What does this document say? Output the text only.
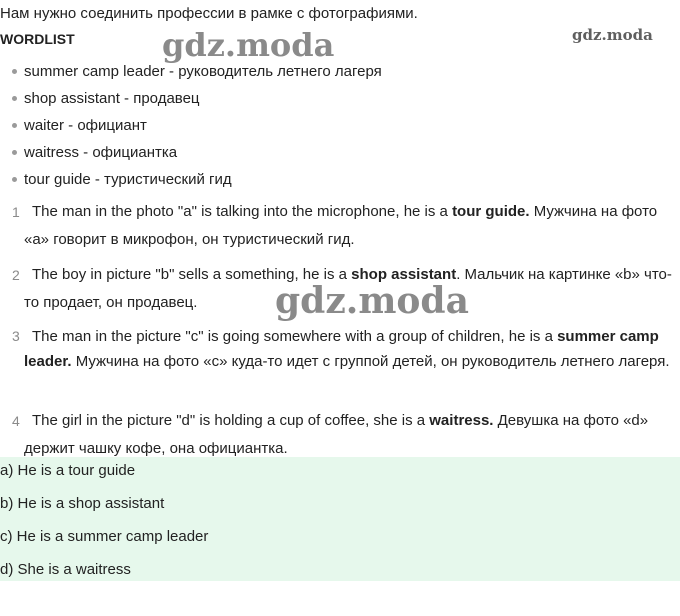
Нам нужно соединить профессии в рамке с фотографиями.
WORDLIST	gdz.moda	gdz.moda
summer camp leader - руководитель летнего лагеря
shop assistant - продавец
waiter - официант
waitress - официантка
tour guide - туристический гид
1 The man in the photo "a" is talking into the microphone, he is a tour guide. Мужчина на фото «а» говорит в микрофон, он туристический гид.
2 The boy in picture "b" sells a something, he is a shop assistant. Мальчик на картинке «b» что-то продает, он продавец.	gdz.moda
3 The man in the picture "c" is going somewhere with a group of children, he is a summer camp leader. Мужчина на фото «с» куда-то идет с группой детей, он руководитель летнего лагеря.
4 The girl in the picture "d" is holding a cup of coffee, she is a waitress. Девушка на фото «d» держит чашку кофе, она официантка.
a) He is a tour guide
b) He is a shop assistant
c) He is a summer camp leader
d) She is a waitress
